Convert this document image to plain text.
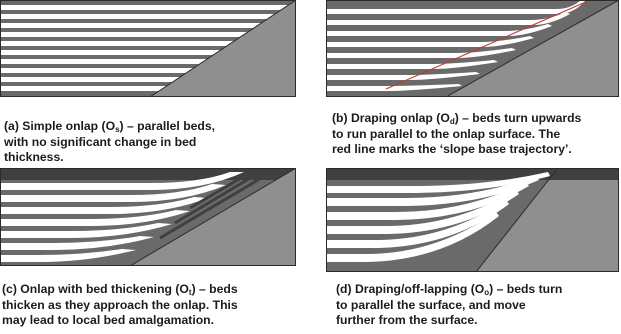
(a) Simple onlap $(O_s)$ – parallel beds,
with no significant change in bed
thickness.

(b) Draping onlap $(O_d)$ – beds turn upwards
to run parallel to the onlap surface. The
red line marks the ‘slope base trajectory’.

(c) Onlap with bed thickening $(O_t)$ – beds
thicken as they approach the onlap. This
may lead to local bed amalgamation.

(d) Draping/off-lapping $(O_o)$ – beds turn
to parallel the surface, and move
further from the surface.
